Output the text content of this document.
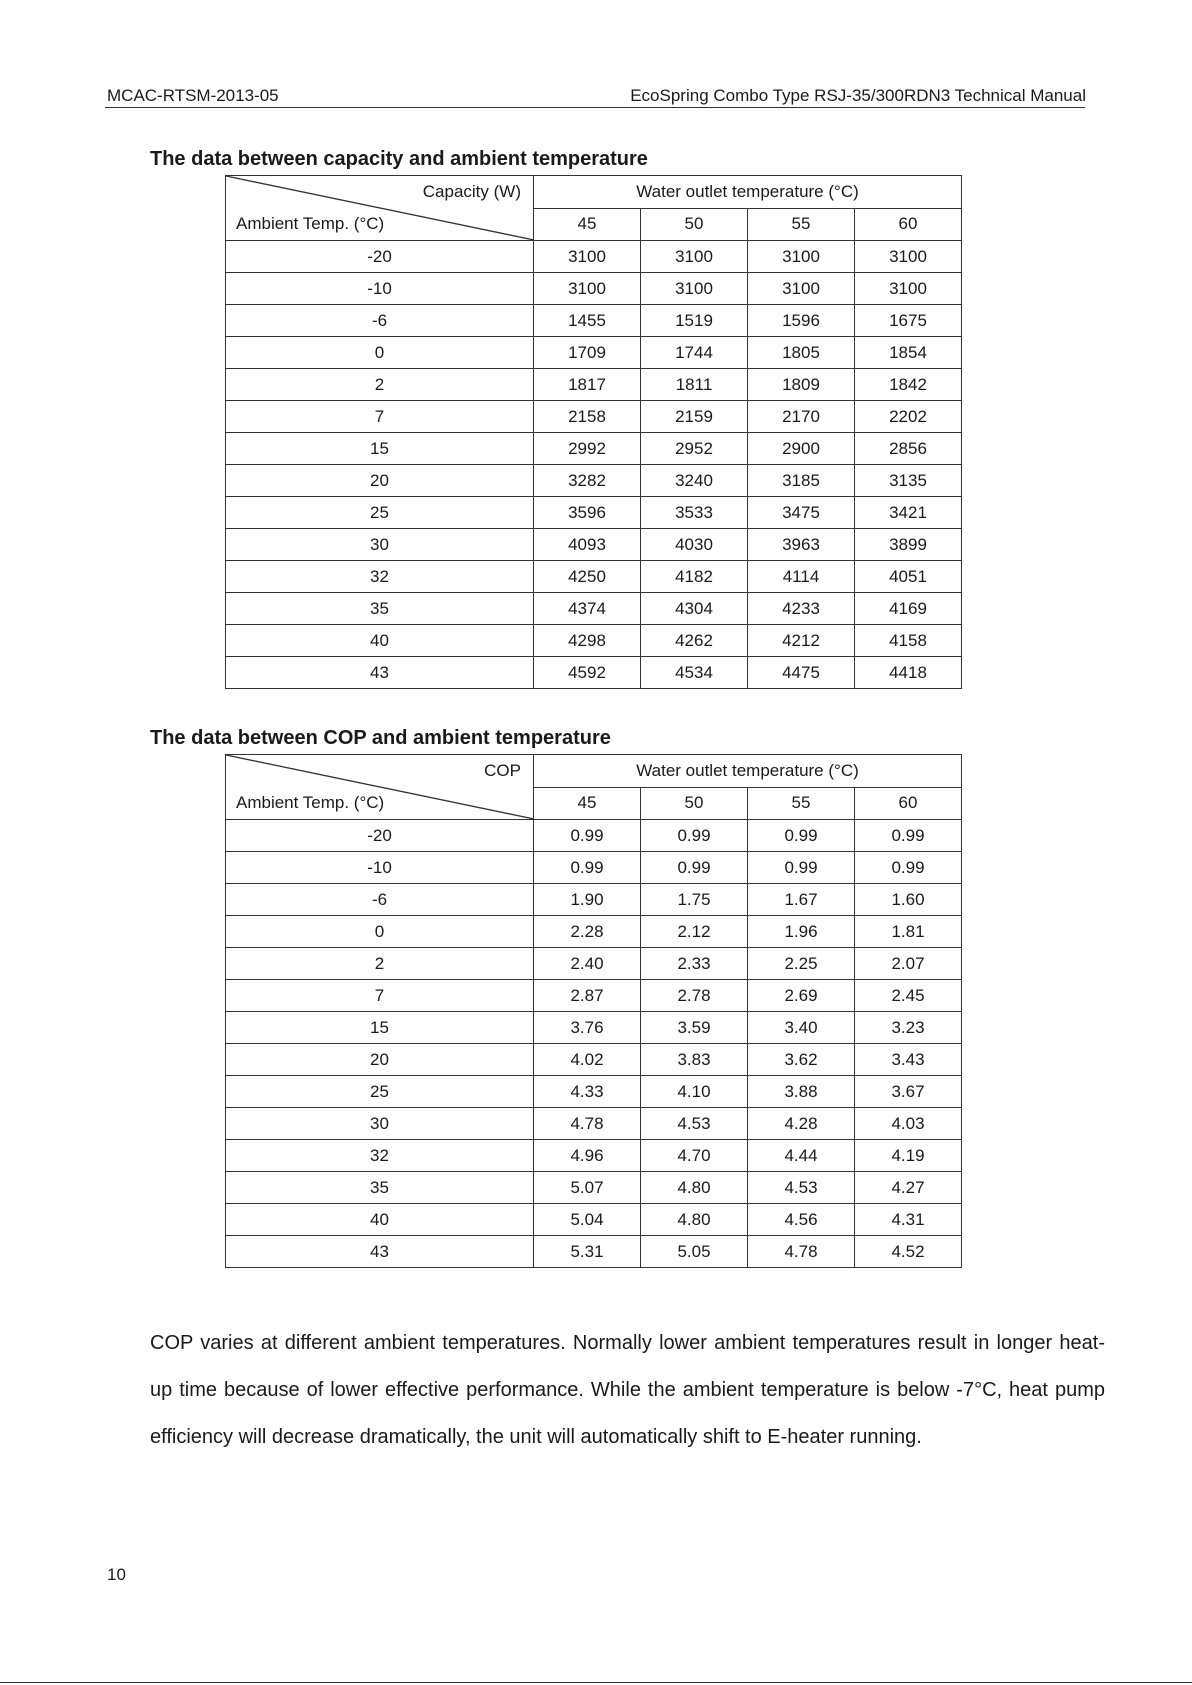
MCAC-RTSM-2013-05	EcoSpring Combo Type RSJ-35/300RDN3 Technical Manual
The data between capacity and ambient temperature
Capacity (W)
Ambient Temp. (°C)	Water outlet temperature (°C)			
	45	50	55	60
-20	3100	3100	3100	3100
-10	3100	3100	3100	3100
-6	1455	1519	1596	1675
0	1709	1744	1805	1854
2	1817	1811	1809	1842
7	2158	2159	2170	2202
15	2992	2952	2900	2856
20	3282	3240	3185	3135
25	3596	3533	3475	3421
30	4093	4030	3963	3899
32	4250	4182	4114	4051
35	4374	4304	4233	4169
40	4298	4262	4212	4158
43	4592	4534	4475	4418
The data between COP and ambient temperature
COP
Ambient Temp. (°C)	Water outlet temperature (°C)			
	45	50	55	60
-20	0.99	0.99	0.99	0.99
-10	0.99	0.99	0.99	0.99
-6	1.90	1.75	1.67	1.60
0	2.28	2.12	1.96	1.81
2	2.40	2.33	2.25	2.07
7	2.87	2.78	2.69	2.45
15	3.76	3.59	3.40	3.23
20	4.02	3.83	3.62	3.43
25	4.33	4.10	3.88	3.67
30	4.78	4.53	4.28	4.03
32	4.96	4.70	4.44	4.19
35	5.07	4.80	4.53	4.27
40	5.04	4.80	4.56	4.31
43	5.31	5.05	4.78	4.52

COP varies at different ambient temperatures. Normally lower ambient temperatures result in longer heat-up time because of lower effective performance. While the ambient temperature is below -7°C, heat pump efficiency will decrease dramatically, the unit will automatically shift to E-heater running.

10
